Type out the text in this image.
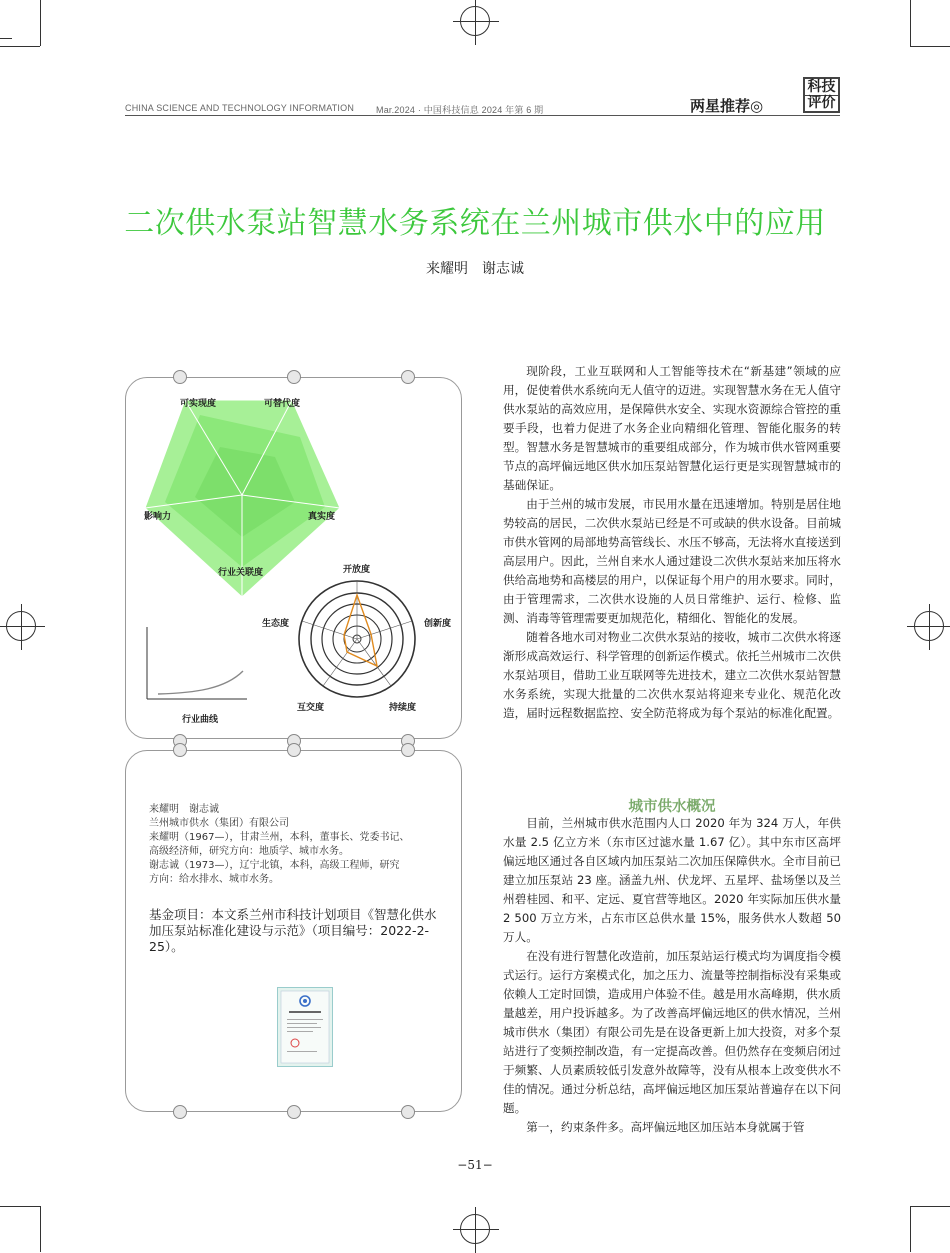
CHINA SCIENCE AND TECHNOLOGY INFORMATION Mar.2024 · 中国科技信息 2024 年第 6 期	两星推荐◎
科技
评价
二次供水泵站智慧水务系统在兰州城市供水中的应用
来耀明　谢志诚
可实现度	可替代度
真实度
行业关联度
影响力
开放度
创新度
持续度
互交度
生态度
行业曲线
来耀明　谢志诚
兰州城市供水（集团）有限公司
来耀明（1967—），甘肃兰州，本科，董事长、党委书记、
高级经济师，研究方向：地质学、城市水务。
谢志诚（1973—），辽宁北镇，本科，高级工程师，研究
方向：给水排水、城市水务。
基金项目：本文系兰州市科技计划项目《智慧化供水加压泵站标准化建设与示范》（项目编号：2022-2-25）。

现阶段，工业互联网和人工智能等技术在“新基建”领域的应用，促使着供水系统向无人值守的迈进。实现智慧水务在无人值守供水泵站的高效应用，是保障供水安全、实现水资源综合管控的重要手段，也着力促进了水务企业向精细化管理、智能化服务的转型。智慧水务是智慧城市的重要组成部分，作为城市供水管网重要节点的高坪偏远地区供水加压泵站智慧化运行更是实现智慧城市的基础保证。

由于兰州的城市发展，市民用水量在迅速增加。特别是居住地势较高的居民，二次供水泵站已经是不可或缺的供水设备。目前城市供水管网的局部地势高管线长、水压不够高，无法将水直接送到高层用户。因此，兰州自来水人通过建设二次供水泵站来加压将水供给高地势和高楼层的用户，以保证每个用户的用水要求。同时，由于管理需求，二次供水设施的人员日常维护、运行、检修、监测、消毒等管理需要更加规范化，精细化、智能化的发展。

随着各地水司对物业二次供水泵站的接收，城市二次供水将逐渐形成高效运行、科学管理的创新运作模式。依托兰州城市二次供水泵站项目，借助工业互联网等先进技术，建立二次供水泵站智慧水务系统，实现大批量的二次供水泵站将迎来专业化、规范化改造，届时远程数据监控、安全防范将成为每个泵站的标准化配置。

城市供水概况

目前，兰州城市供水范围内人口 2020 年为 324 万人，年供水量 2.5 亿立方米（东市区过滤水量 1.67 亿）。其中东市区高坪偏远地区通过各自区域内加压泵站二次加压保障供水。全市目前已建立加压泵站 23 座。涵盖九州、伏龙坪、五星坪、盐场堡以及兰州碧桂园、和平、定远、夏官营等地区。2020 年实际加压供水量 2 500 万立方米，占东市区总供水量 15%，服务供水人数超 50 万人。

在没有进行智慧化改造前，加压泵站运行模式均为调度指令模式运行。运行方案模式化，加之压力、流量等控制指标没有采集或依赖人工定时回馈，造成用户体验不佳。越是用水高峰期，供水质量越差，用户投诉越多。为了改善高坪偏远地区的供水情况，兰州城市供水（集团）有限公司先是在设备更新上加大投资，对多个泵站进行了变频控制改造，有一定提高改善。但仍然存在变频启闭过于频繁、人员素质较低引发意外故障等，没有从根本上改变供水不佳的情况。通过分析总结，高坪偏远地区加压泵站普遍存在以下问题。

第一，约束条件多。高坪偏远地区加压站本身就属于管

−51−
